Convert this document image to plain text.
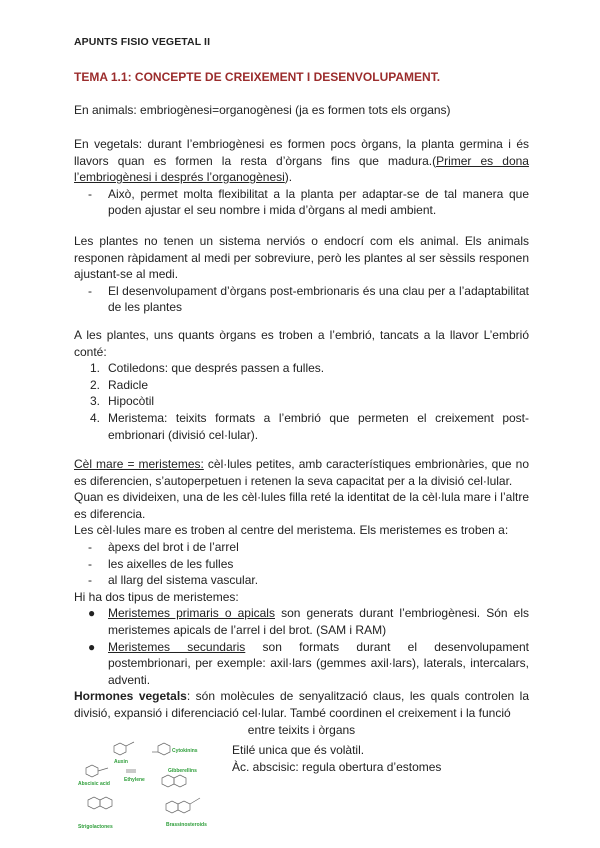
APUNTS FISIO VEGETAL II
TEMA 1.1: CONCEPTE DE CREIXEMENT I DESENVOLUPAMENT.
En animals: embriogènesi=organogènesi (ja es formen tots els organs)
En vegetals: durant l’embriogènesi es formen pocs òrgans, la planta germina i és llavors quan es formen la resta d’òrgans fins que madura.(Primer es dona l’embriogènesi i després l’organogènesi).
- Això, permet molta flexibilitat a la planta per adaptar-se de tal manera que poden ajustar el seu nombre i mida d’òrgans al medi ambient.
Les plantes no tenen un sistema nerviós o endocrí com els animal. Els animals responen ràpidament al medi per sobreviure, però les plantes al ser sèssils responen ajustant-se al medi.
- El desenvolupament d’òrgans post-embrionaris és una clau per a l’adaptabilitat de les plantes
A les plantes, uns quants òrgans es troben a l’embrió, tancats a la llavor L’embrió conté:
1. Cotiledons: que després passen a fulles.
2. Radicle
3. Hipocòtil
4. Meristema: teixits formats a l’embrió que permeten el creixement post-embrionari (divisió cel·lular).
Cèl mare = meristemes: cèl·lules petites, amb característiques embrionàries, que no es diferencien, s’autoperpetuen i retenen la seva capacitat per a la divisió cel·lular.
Quan es divideixen, una de les cèl·lules filla reté la identitat de la cèl·lula mare i l’altre es diferencia.
Les cèl·lules mare es troben al centre del meristema. Els meristemes es troben a:
- àpexs del brot i de l’arrel
- les aixelles de les fulles
- al llarg del sistema vascular.
Hi ha dos tipus de meristemes:
● Meristemes primaris o apicals son generats durant l’embriogènesi. Són els meristemes apicals de l’arrel i del brot. (SAM i RAM)
● Meristemes secundaris son formats durant el desenvolupament postembrionari, per exemple: axil·lars (gemmes axil·lars), laterals, intercalars, adventi.
Hormones vegetals: són molècules de senyalització claus, les quals controlen la divisió, expansió i diferenciació cel·lular. També coordinen el creixement i la funció
entre teixits i òrgans
Auxin
Cytokinins
Abscisic acid
Ethylene
Gibberellins
Strigolactones	Brassinosteroids
Etilé unica que és volàtil.
Àc. abscisic: regula obertura d’estomes
